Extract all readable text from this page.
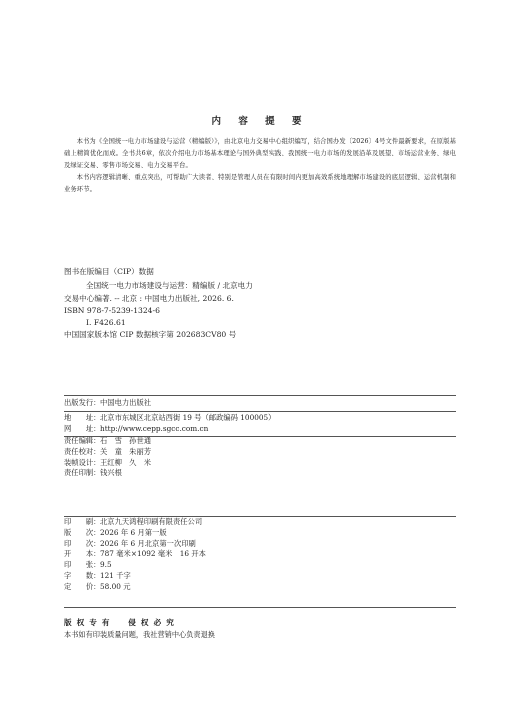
内 容 提 要

本书为《全国统一电力市场建设与运营（精编版）》，由北京电力交易中心组织编写，结合国办发〔2026〕4号文件最新要求，在原版基础上精简优化而成。全书共6章，依次介绍电力市场基本理论与国外典型实践、我国统一电力市场的发展沿革及展望、市场运营业务、绿电及绿证交易、零售市场交易、电力交易平台。

本书内容逻辑清晰、重点突出，可帮助广大读者、特别是管理人员在有限时间内更加高效系统地理解市场建设的底层逻辑、运营机制和业务环节。

图书在版编目（CIP）数据
全国统一电力市场建设与运营：精编版 / 北京电力
交易中心编著. -- 北京 : 中国电力出版社, 2026. 6.
ISBN 978-7-5239-1324-6
Ⅰ. F426.61
中国国家版本馆 CIP 数据核字第 202683CV80 号
出版发行： 中国电力出版社
地　　址： 北京市东城区北京站西街 19 号（邮政编码 100005）
网　　址： http://www.cepp.sgcc.com.cn
责任编辑： 石　雪　孙世通
责任校对： 关　童　朱丽芳
装帧设计： 王红柳　久　米
责任印制： 钱兴根
印　　刷： 北京九天鸿程印刷有限责任公司
版　　次： 2026 年 6 月第一版
印　　次： 2026 年 6 月北京第一次印刷
开　　本： 787 毫米×1092 毫米　16 开本
印　　张： 9.5
字　　数： 121 千字
定　　价： 58.00 元
版 权 专 有　　侵 权 必 究
本书如有印装质量问题，我社营销中心负责退换
